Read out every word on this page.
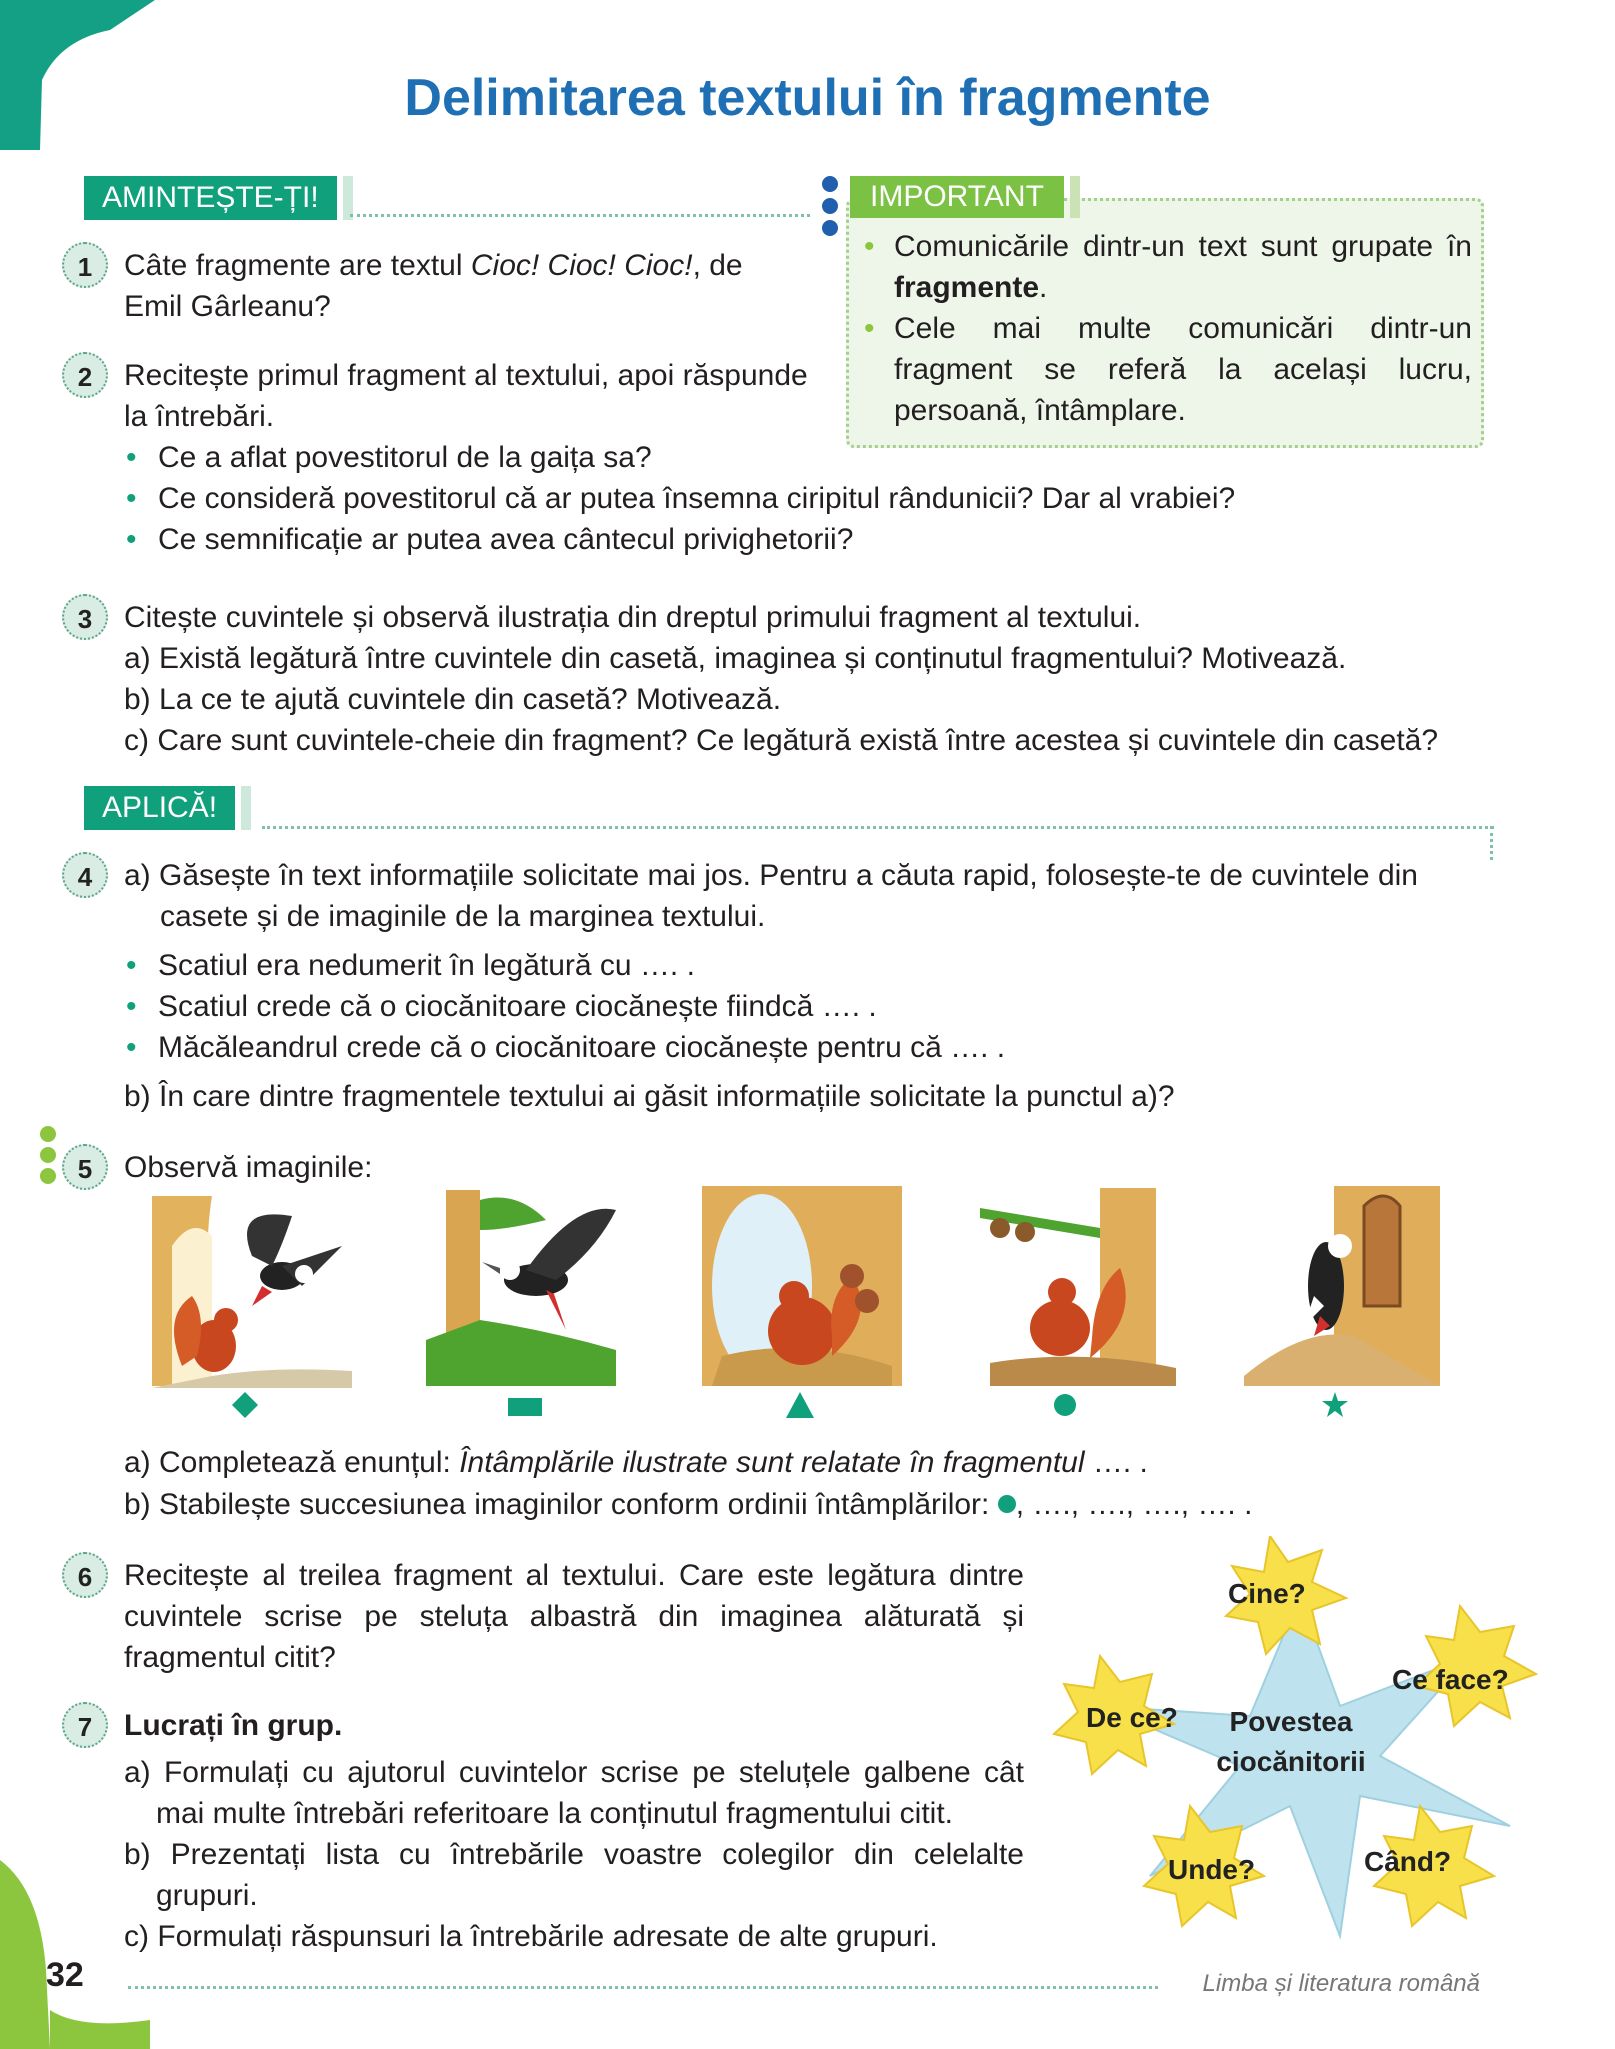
Delimitarea textului în fragmente
AMINTEȘTE-ȚI!	IMPORTANT
• Comunicările dintr-un text sunt grupate în fragmente.
• Cele mai multe comunicări dintr-un fragment se referă la același lucru, persoană, întâmplare.
1	Câte fragmente are textul Cioc! Cioc! Cioc!, de Emil Gârleanu?
2	Recitește primul fragment al textului, apoi răspunde la întrebări.
• Ce a aflat povestitorul de la gaița sa?
• Ce consideră povestitorul că ar putea însemna ciripitul rândunicii? Dar al vrabiei?
• Ce semnificație ar putea avea cântecul privighetorii?
3	Citește cuvintele și observă ilustrația din dreptul primului fragment al textului.
a) Există legătură între cuvintele din casetă, imaginea și conținutul fragmentului? Motivează.
b) La ce te ajută cuvintele din casetă? Motivează.
c) Care sunt cuvintele-cheie din fragment? Ce legătură există între acestea și cuvintele din casetă?
APLICĂ!
4	a) Găsește în text informațiile solicitate mai jos. Pentru a căuta rapid, folosește-te de cuvintele din
casete și de imaginile de la marginea textului.
• Scatiul era nedumerit în legătură cu …. .
• Scatiul crede că o ciocănitoare ciocănește fiindcă …. .
• Măcăleandrul crede că o ciocănitoare ciocănește pentru că …. .
b) În care dintre fragmentele textului ai găsit informațiile solicitate la punctul a)?
5	Observă imaginile:
a) Completează enunțul: Întâmplările ilustrate sunt relatate în fragmentul …. .
b) Stabilește succesiunea imaginilor conform ordinii întâmplărilor: , …., …., …., …. .
6	Recitește al treilea fragment al textului. Care este legătura dintre cuvintele scrise pe steluța albastră din imaginea alăturată și fragmentul citit?
7	Lucrați în grup.
a) Formulați cu ajutorul cuvintelor scrise pe steluțele galbene cât mai multe întrebări referitoare la conținutul fragmentului citit.
b) Prezentați lista cu întrebările voastre colegilor din celelalte grupuri.
c) Formulați răspunsuri la întrebările adresate de alte grupuri.
Cine?
Ce face?
De ce?
Unde?	Când?
Povestea
ciocănitorii
32	Limba și literatura română
